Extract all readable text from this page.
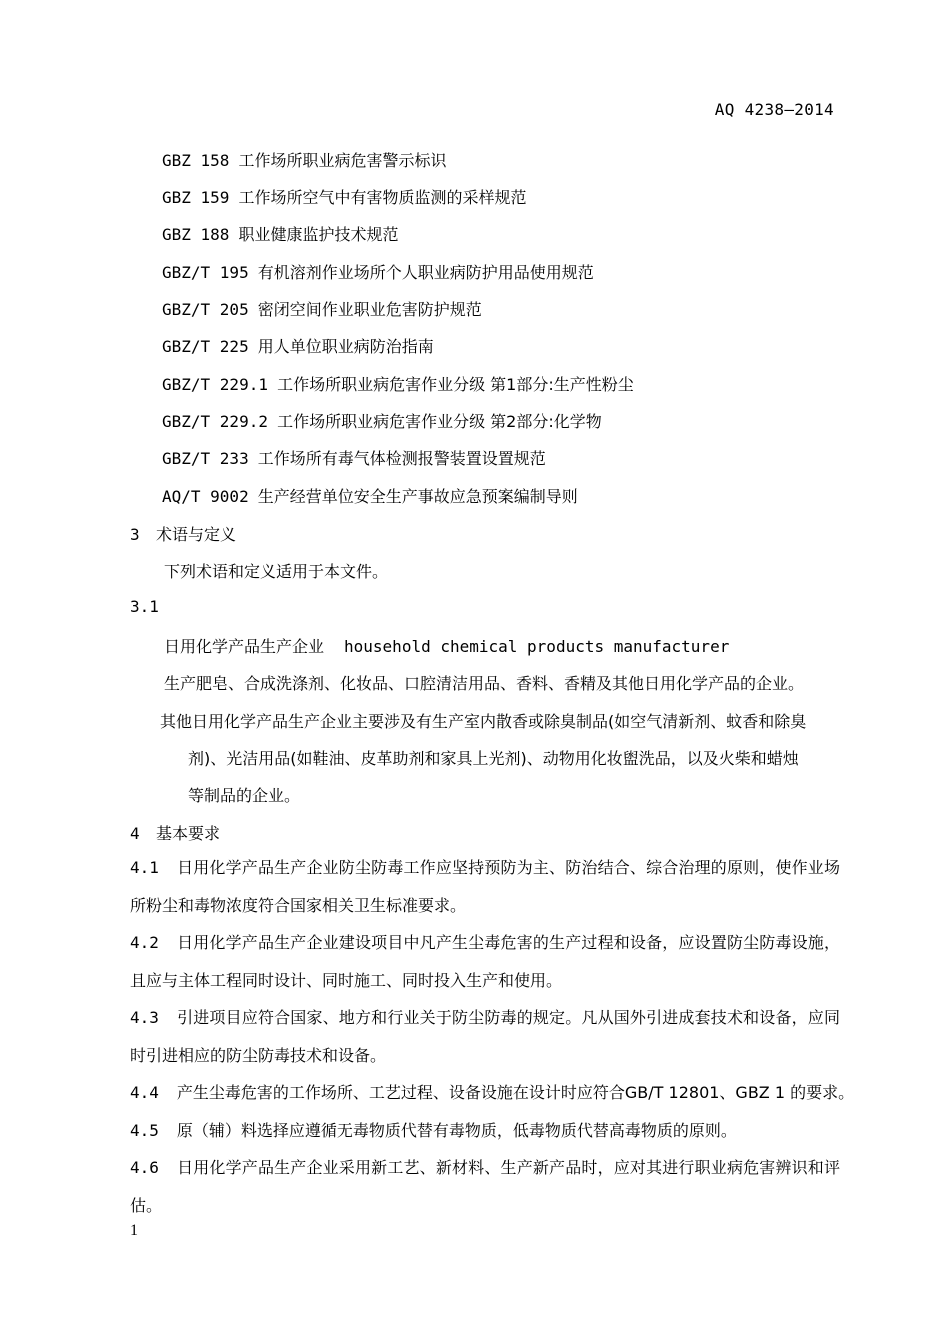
AQ 4238—2014
GBZ 158 工作场所职业病危害警示标识
GBZ 159 工作场所空气中有害物质监测的采样规范
GBZ 188 职业健康监护技术规范
GBZ/T 195 有机溶剂作业场所个人职业病防护用品使用规范
GBZ/T 205 密闭空间作业职业危害防护规范
GBZ/T 225 用人单位职业病防治指南
GBZ/T 229.1 工作场所职业病危害作业分级 第1部分:生产性粉尘
GBZ/T 229.2 工作场所职业病危害作业分级 第2部分:化学物
GBZ/T 233 工作场所有毒气体检测报警装置设置规范
AQ/T 9002 生产经营单位安全生产事故应急预案编制导则
3 术语与定义
下列术语和定义适用于本文件。
3.1
日用化学产品生产企业 household chemical products manufacturer
生产肥皂、合成洗涤剂、化妆品、口腔清洁用品、香料、香精及其他日用化学产品的企业。
其他日用化学产品生产企业主要涉及有生产室内散香或除臭制品(如空气清新剂、蚊香和除臭
剂)、光洁用品(如鞋油、皮革助剂和家具上光剂)、动物用化妆盥洗品，以及火柴和蜡烛
等制品的企业。
4 基本要求
4.1 日用化学产品生产企业防尘防毒工作应坚持预防为主、防治结合、综合治理的原则，使作业场所粉尘和毒物浓度符合国家相关卫生标准要求。
4.2 日用化学产品生产企业建设项目中凡产生尘毒危害的生产过程和设备，应设置防尘防毒设施，且应与主体工程同时设计、同时施工、同时投入生产和使用。
4.3 引进项目应符合国家、地方和行业关于防尘防毒的规定。凡从国外引进成套技术和设备，应同时引进相应的防尘防毒技术和设备。
4.4 产生尘毒危害的工作场所、工艺过程、设备设施在设计时应符合GB/T 12801、GBZ 1 的要求。
4.5 原（辅）料选择应遵循无毒物质代替有毒物质，低毒物质代替高毒物质的原则。
4.6 日用化学产品生产企业采用新工艺、新材料、生产新产品时，应对其进行职业病危害辨识和评估。
1
